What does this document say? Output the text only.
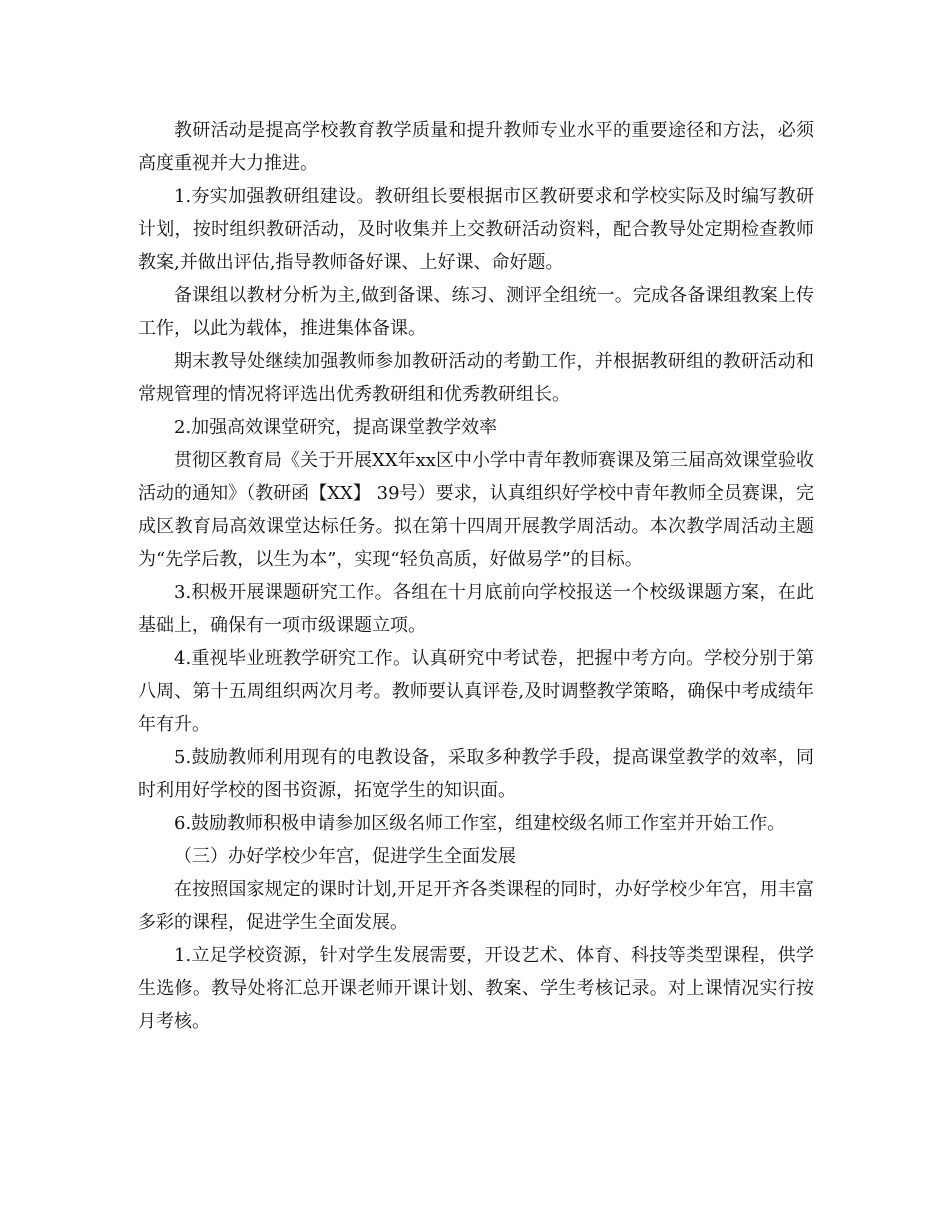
教研活动是提高学校教育教学质量和提升教师专业水平的重要途径和方法，必须高度重视并大力推进。

1.夯实加强教研组建设。教研组长要根据市区教研要求和学校实际及时编写教研计划，按时组织教研活动，及时收集并上交教研活动资料，配合教导处定期检查教师教案,并做出评估,指导教师备好课、上好课、命好题。

备课组以教材分析为主,做到备课、练习、测评全组统一。完成各备课组教案上传工作，以此为载体，推进集体备课。

期末教导处继续加强教师参加教研活动的考勤工作，并根据教研组的教研活动和常规管理的情况将评选出优秀教研组和优秀教研组长。

2.加强高效课堂研究，提高课堂教学效率

贯彻区教育局《关于开展XX年xx区中小学中青年教师赛课及第三届高效课堂验收活动的通知》（教研函【XX】 39号）要求，认真组织好学校中青年教师全员赛课，完成区教育局高效课堂达标任务。拟在第十四周开展教学周活动。本次教学周活动主题为“先学后教，以生为本”，实现“轻负高质，好做易学”的目标。

3.积极开展课题研究工作。各组在十月底前向学校报送一个校级课题方案，在此基础上，确保有一项市级课题立项。

4.重视毕业班教学研究工作。认真研究中考试卷，把握中考方向。学校分别于第八周、第十五周组织两次月考。教师要认真评卷,及时调整教学策略，确保中考成绩年年有升。

5.鼓励教师利用现有的电教设备，采取多种教学手段，提高课堂教学的效率，同时利用好学校的图书资源，拓宽学生的知识面。

6.鼓励教师积极申请参加区级名师工作室，组建校级名师工作室并开始工作。

（三）办好学校少年宫，促进学生全面发展

在按照国家规定的课时计划,开足开齐各类课程的同时，办好学校少年宫，用丰富多彩的课程，促进学生全面发展。

1.立足学校资源，针对学生发展需要，开设艺术、体育、科技等类型课程，供学生选修。教导处将汇总开课老师开课计划、教案、学生考核记录。对上课情况实行按月考核。
